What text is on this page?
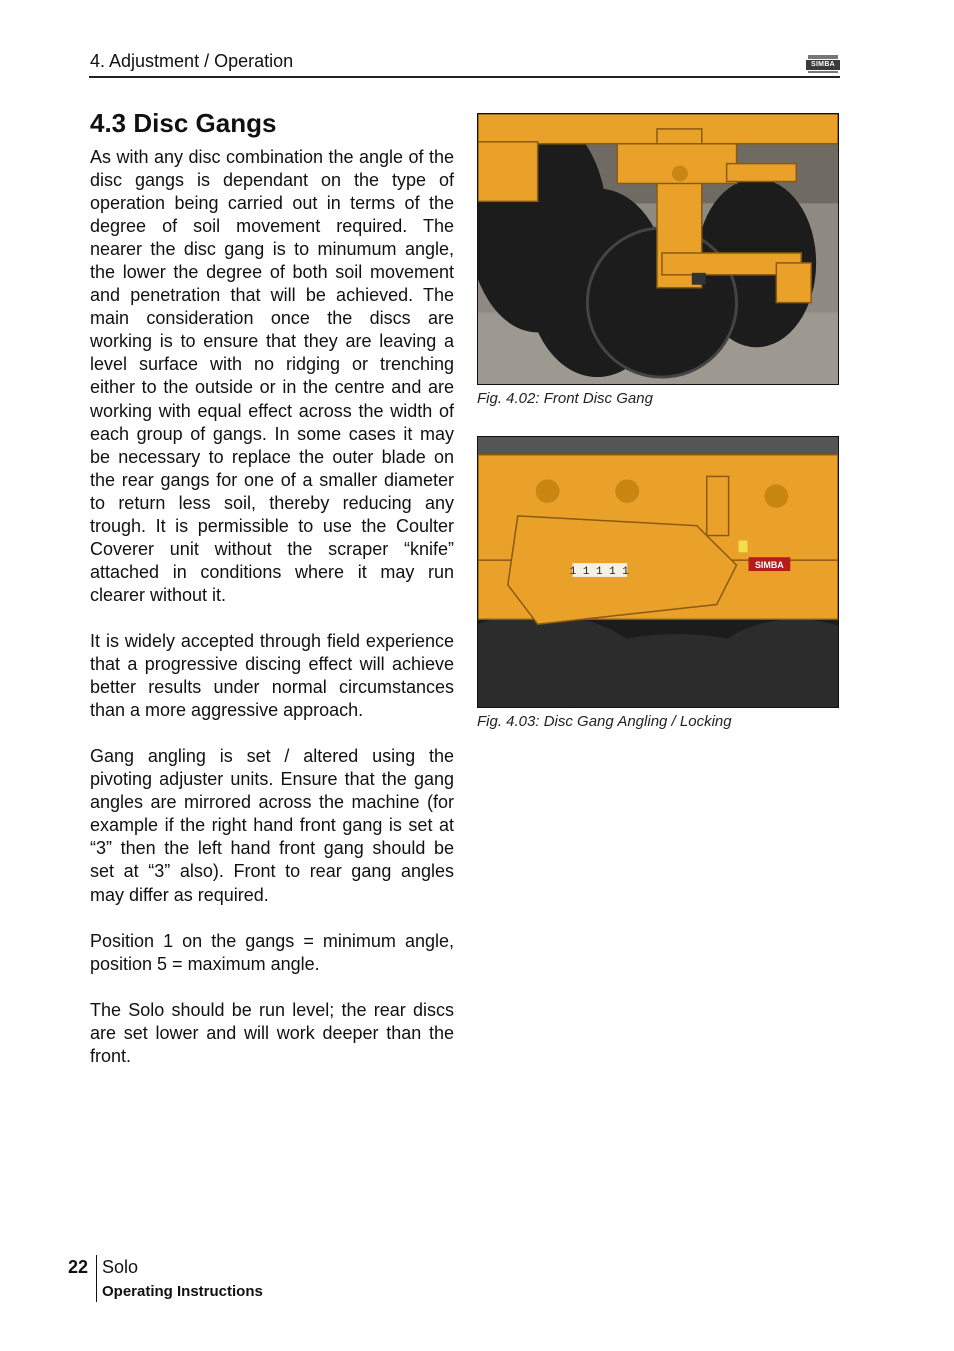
4. Adjustment / Operation	SIMBA
4.3 Disc Gangs

As with any disc combination the angle of the disc gangs is dependant on the type of operation being carried out in terms of the degree of soil movement required. The nearer the disc gang is to minumum angle, the lower the degree of both soil movement and penetration that will be achieved. The main consideration once the discs are working is to ensure that they are leaving a level surface with no ridging or trenching either to the outside or in the centre and are working with equal effect across the width of each group of gangs. In some cases it may be necessary to replace the outer blade on the rear gangs for one of a smaller diameter to return less soil, thereby reducing any trough. It is permissible to use the Coulter Coverer unit without the scraper “knife” attached in conditions where it may run clearer without it.

It is widely accepted through field experience that a progressive discing effect will achieve better results under normal circumstances than a more aggressive approach.

Gang angling is set / altered using the pivoting adjuster units. Ensure that the gang angles are mirrored across the machine (for example if the right hand front gang is set at “3” then the left hand front gang should be set at “3” also). Front to rear gang angles may differ as required.

Position 1 on the gangs = minimum angle, position 5 = maximum angle.

The Solo should be run level; the rear discs are set lower and will work deeper than the front.

Fig. 4.02: Front Disc Gang
1 1 1 1 1
SIMBA
Fig. 4.03: Disc Gang Angling / Locking
22 Solo
Operating Instructions
